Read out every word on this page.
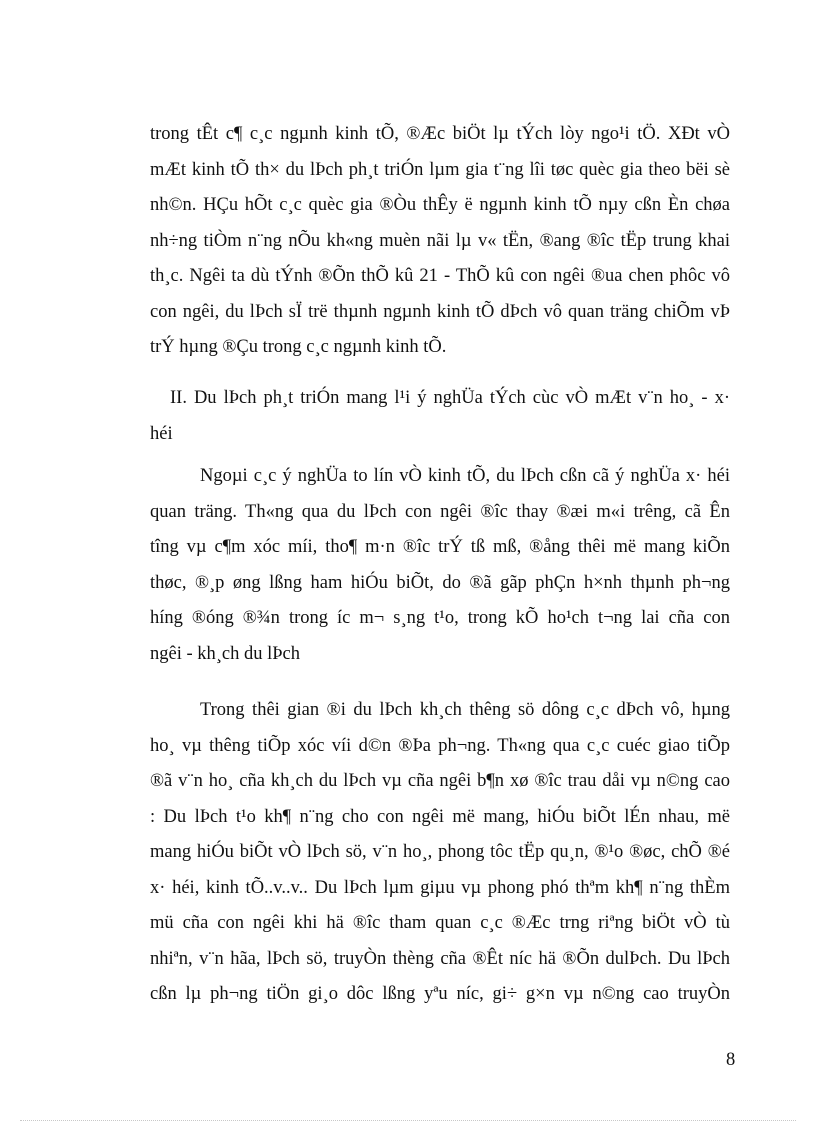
trong tÊt c¶ c¸c ngµnh kinh tÕ, ®Æc biÖt lµ tÝch lòy ngo¹i tÖ. XÐt vÒ
mÆt kinh tÕ th× du lÞch ph¸t triÓn lµm gia t¨ng lîi tøc quèc gia theo bëi sè
nh©n. HÇu hÕt c¸c quèc gia ®Òu thÊy ë ngµnh kinh tÕ nµy cßn Èn chøa
nh÷ng tiÒm n¨ng nÕu kh«ng muèn nãi lµ v« tËn, ®ang ®îc tËp trung khai
th¸c. Ngêi ta dù tÝnh ®Õn thÕ kû 21 - ThÕ kû con ngêi ®ua chen phôc vô
con ngêi, du lÞch sÏ trë thµnh ngµnh kinh tÕ dÞch vô quan träng chiÕm vÞ
trÝ hµng ®Çu trong c¸c ngµnh kinh tÕ.
II. Du lÞch ph¸t triÓn mang l¹i ý nghÜa tÝch cùc vÒ mÆt v¨n ho¸ - x·
héi
Ngoµi c¸c ý nghÜa to lín vÒ kinh tÕ, du lÞch cßn cã ý nghÜa x· héi
quan träng. Th«ng qua du lÞch con ngêi ®îc thay ®æi m«i trêng, cã Ên
tîng vµ c¶m xóc míi, tho¶ m·n ®îc trÝ tß mß, ®ång thêi më mang kiÕn
thøc, ®¸p øng lßng ham hiÓu biÕt, do ®ã gãp phÇn h×nh thµnh ph¬ng
híng ®óng ®¾n trong íc m¬ s¸ng t¹o, trong kÕ ho¹ch t¬ng lai cña con
ngêi - kh¸ch du lÞch
Trong thêi gian ®i du lÞch kh¸ch thêng sö dông c¸c dÞch vô, hµng
ho¸ vµ thêng tiÕp xóc víi d©n ®Þa ph¬ng. Th«ng qua c¸c cuéc giao tiÕp
®ã v¨n ho¸ cña kh¸ch du lÞch vµ cña ngêi b¶n xø ®îc trau dåi vµ n©ng cao
: Du lÞch t¹o kh¶ n¨ng cho con ngêi më mang, hiÓu biÕt lÉn nhau, më
mang hiÓu biÕt vÒ lÞch sö, v¨n ho¸, phong tôc tËp qu¸n, ®¹o ®øc, chÕ ®é
x· héi, kinh tÕ..v..v.. Du lÞch lµm giµu vµ phong phó thªm kh¶ n¨ng thÈm
mü cña con ngêi khi hä ®îc tham quan c¸c ®Æc trng riªng biÖt vÒ tù
nhiªn, v¨n hãa, lÞch sö, truyÒn thèng cña ®Êt níc hä ®Õn dulÞch. Du lÞch
cßn lµ ph¬ng tiÖn gi¸o dôc lßng yªu níc, gi÷ g×n vµ n©ng cao truyÒn
8
